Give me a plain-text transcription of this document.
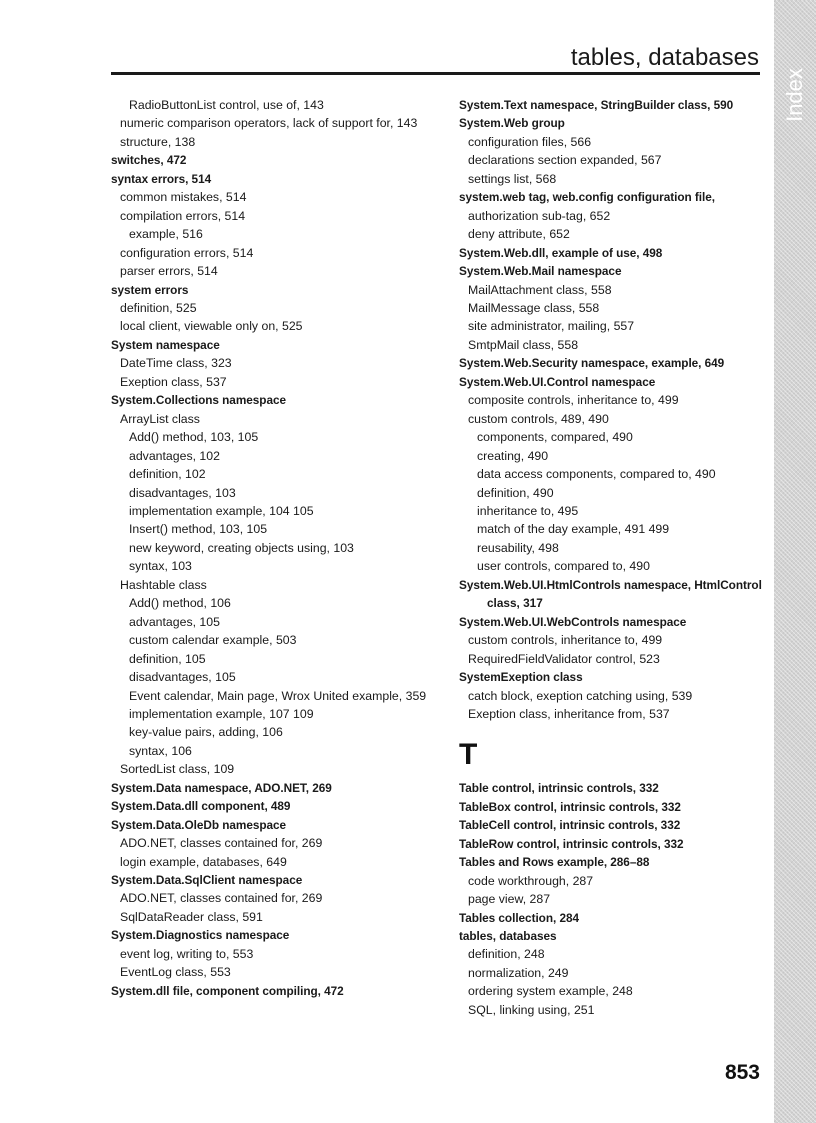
Index
tables, databases
RadioButtonList control, use of, 143
numeric comparison operators, lack of support for, 143
structure, 138
switches, 472
syntax errors, 514
common mistakes, 514
compilation errors, 514
example, 516
configuration errors, 514
parser errors, 514
system errors
definition, 525
local client, viewable only on, 525
System namespace
DateTime class, 323
Exeption class, 537
System.Collections namespace
ArrayList class
Add() method, 103, 105
advantages, 102
definition, 102
disadvantages, 103
implementation example, 104 105
Insert() method, 103, 105
new keyword, creating objects using, 103
syntax, 103
Hashtable class
Add() method, 106
advantages, 105
custom calendar example, 503
definition, 105
disadvantages, 105
Event calendar, Main page, Wrox United example, 359
implementation example, 107 109
key-value pairs, adding, 106
syntax, 106
SortedList class, 109
System.Data namespace, ADO.NET, 269
System.Data.dll component, 489
System.Data.OleDb namespace
ADO.NET, classes contained for, 269
login example, databases, 649
System.Data.SqlClient namespace
ADO.NET, classes contained for, 269
SqlDataReader class, 591
System.Diagnostics namespace
event log, writing to, 553
EventLog class, 553
System.dll file, component compiling, 472
System.Text namespace, StringBuilder class, 590
System.Web group
configuration files, 566
declarations section expanded, 567
settings list, 568
system.web tag, web.config configuration file,
authorization sub-tag, 652
deny attribute, 652
System.Web.dll, example of use, 498
System.Web.Mail namespace
MailAttachment class, 558
MailMessage class, 558
site administrator, mailing, 557
SmtpMail class, 558
System.Web.Security namespace, example, 649
System.Web.UI.Control namespace
composite controls, inheritance to, 499
custom controls, 489, 490
components, compared, 490
creating, 490
data access components, compared to, 490
definition, 490
inheritance to, 495
match of the day example, 491 499
reusability, 498
user controls, compared to, 490
System.Web.UI.HtmlControls namespace, HtmlControl
class, 317
System.Web.UI.WebControls namespace
custom controls, inheritance to, 499
RequiredFieldValidator control, 523
SystemExeption class
catch block, exeption catching using, 539
Exeption class, inheritance from, 537
T
Table control, intrinsic controls, 332
TableBox control, intrinsic controls, 332
TableCell control, intrinsic controls, 332
TableRow control, intrinsic controls, 332
Tables and Rows example, 286–88
code workthrough, 287
page view, 287
Tables collection, 284
tables, databases
definition, 248
normalization, 249
ordering system example, 248
SQL, linking using, 251
853
